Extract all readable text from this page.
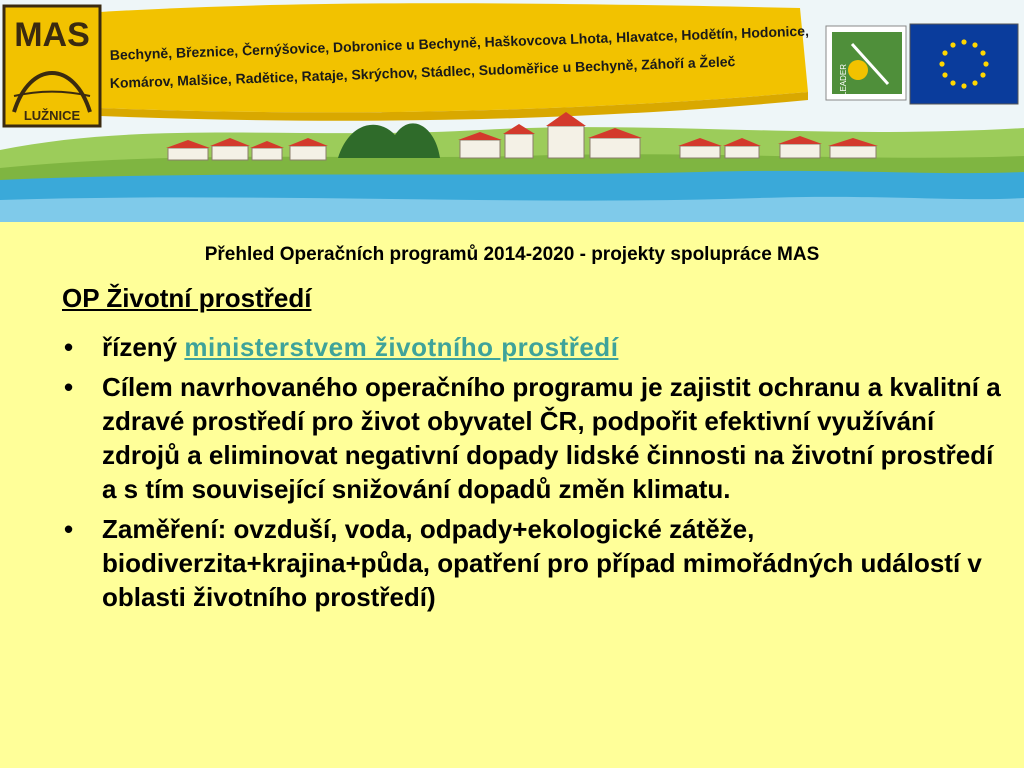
MAS
LUŽNICE
Bechyně, Březnice, Černýšovice, Dobronice u Bechyně, Haškovcova Lhota, Hlavatce, Hodětín, Hodonice,
Komárov, Malšice, Radětice, Rataje, Skrýchov, Stádlec, Sudoměřice u Bechyně, Záhoří a Želeč	LEADER
Přehled Operačních programů 2014-2020 - projekty spolupráce MAS
OP Životní prostředí
• řízený ministerstvem životního prostředí
• Cílem navrhovaného operačního programu je zajistit ochranu a kvalitní a zdravé prostředí pro život obyvatel ČR, podpořit efektivní využívání zdrojů a eliminovat negativní dopady lidské činnosti na životní prostředí a s tím související snižování dopadů změn klimatu.
• Zaměření: ovzduší, voda, odpady+ekologické zátěže, biodiverzita+krajina+půda, opatření pro případ mimořádných událostí v oblasti životního prostředí)
